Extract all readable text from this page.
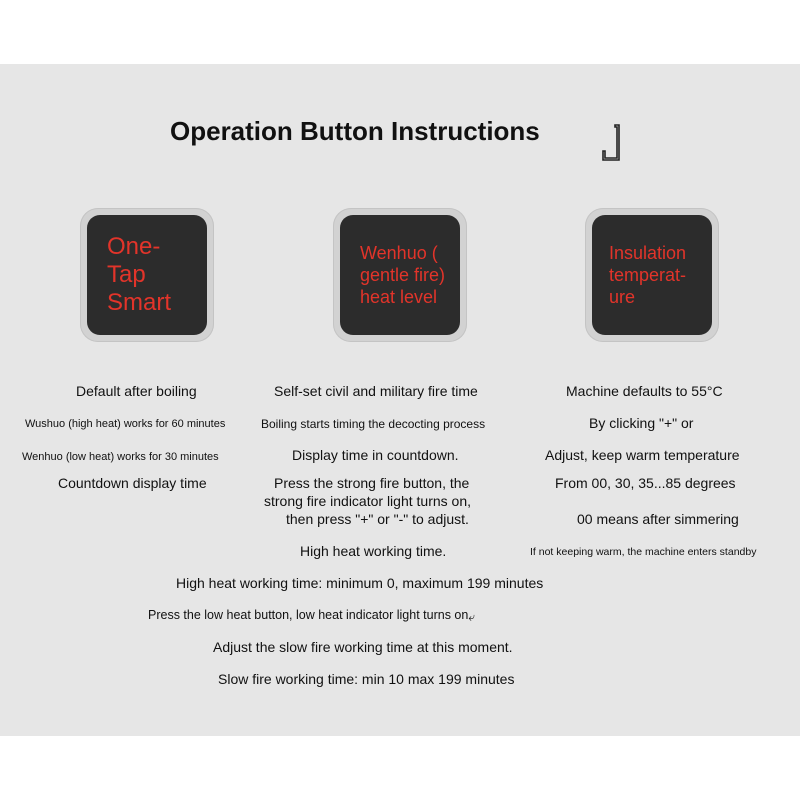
Operation Button Instructions
One-
Tap
Smart
Wenhuo (
gentle fire)
heat level
Insulation
temperat-
ure
Default after boiling
Wushuo (high heat) works for 60 minutes
Wenhuo (low heat) works for 30 minutes
Countdown display time
Self-set civil and military fire time
Boiling starts timing the decocting process
Display time in countdown.
Press the strong fire button, the
strong fire indicator light turns on,
then press "+" or "-" to adjust.
High heat working time.
Machine defaults to 55°C
By clicking "+" or
Adjust, keep warm temperature
From 00, 30, 35...85 degrees
00 means after simmering
If not keeping warm, the machine enters standby
High heat working time: minimum 0, maximum 199 minutes
Press the low heat button, low heat indicator light turns on⤶
Adjust the slow fire working time at this moment.
Slow fire working time: min 10 max 199 minutes
